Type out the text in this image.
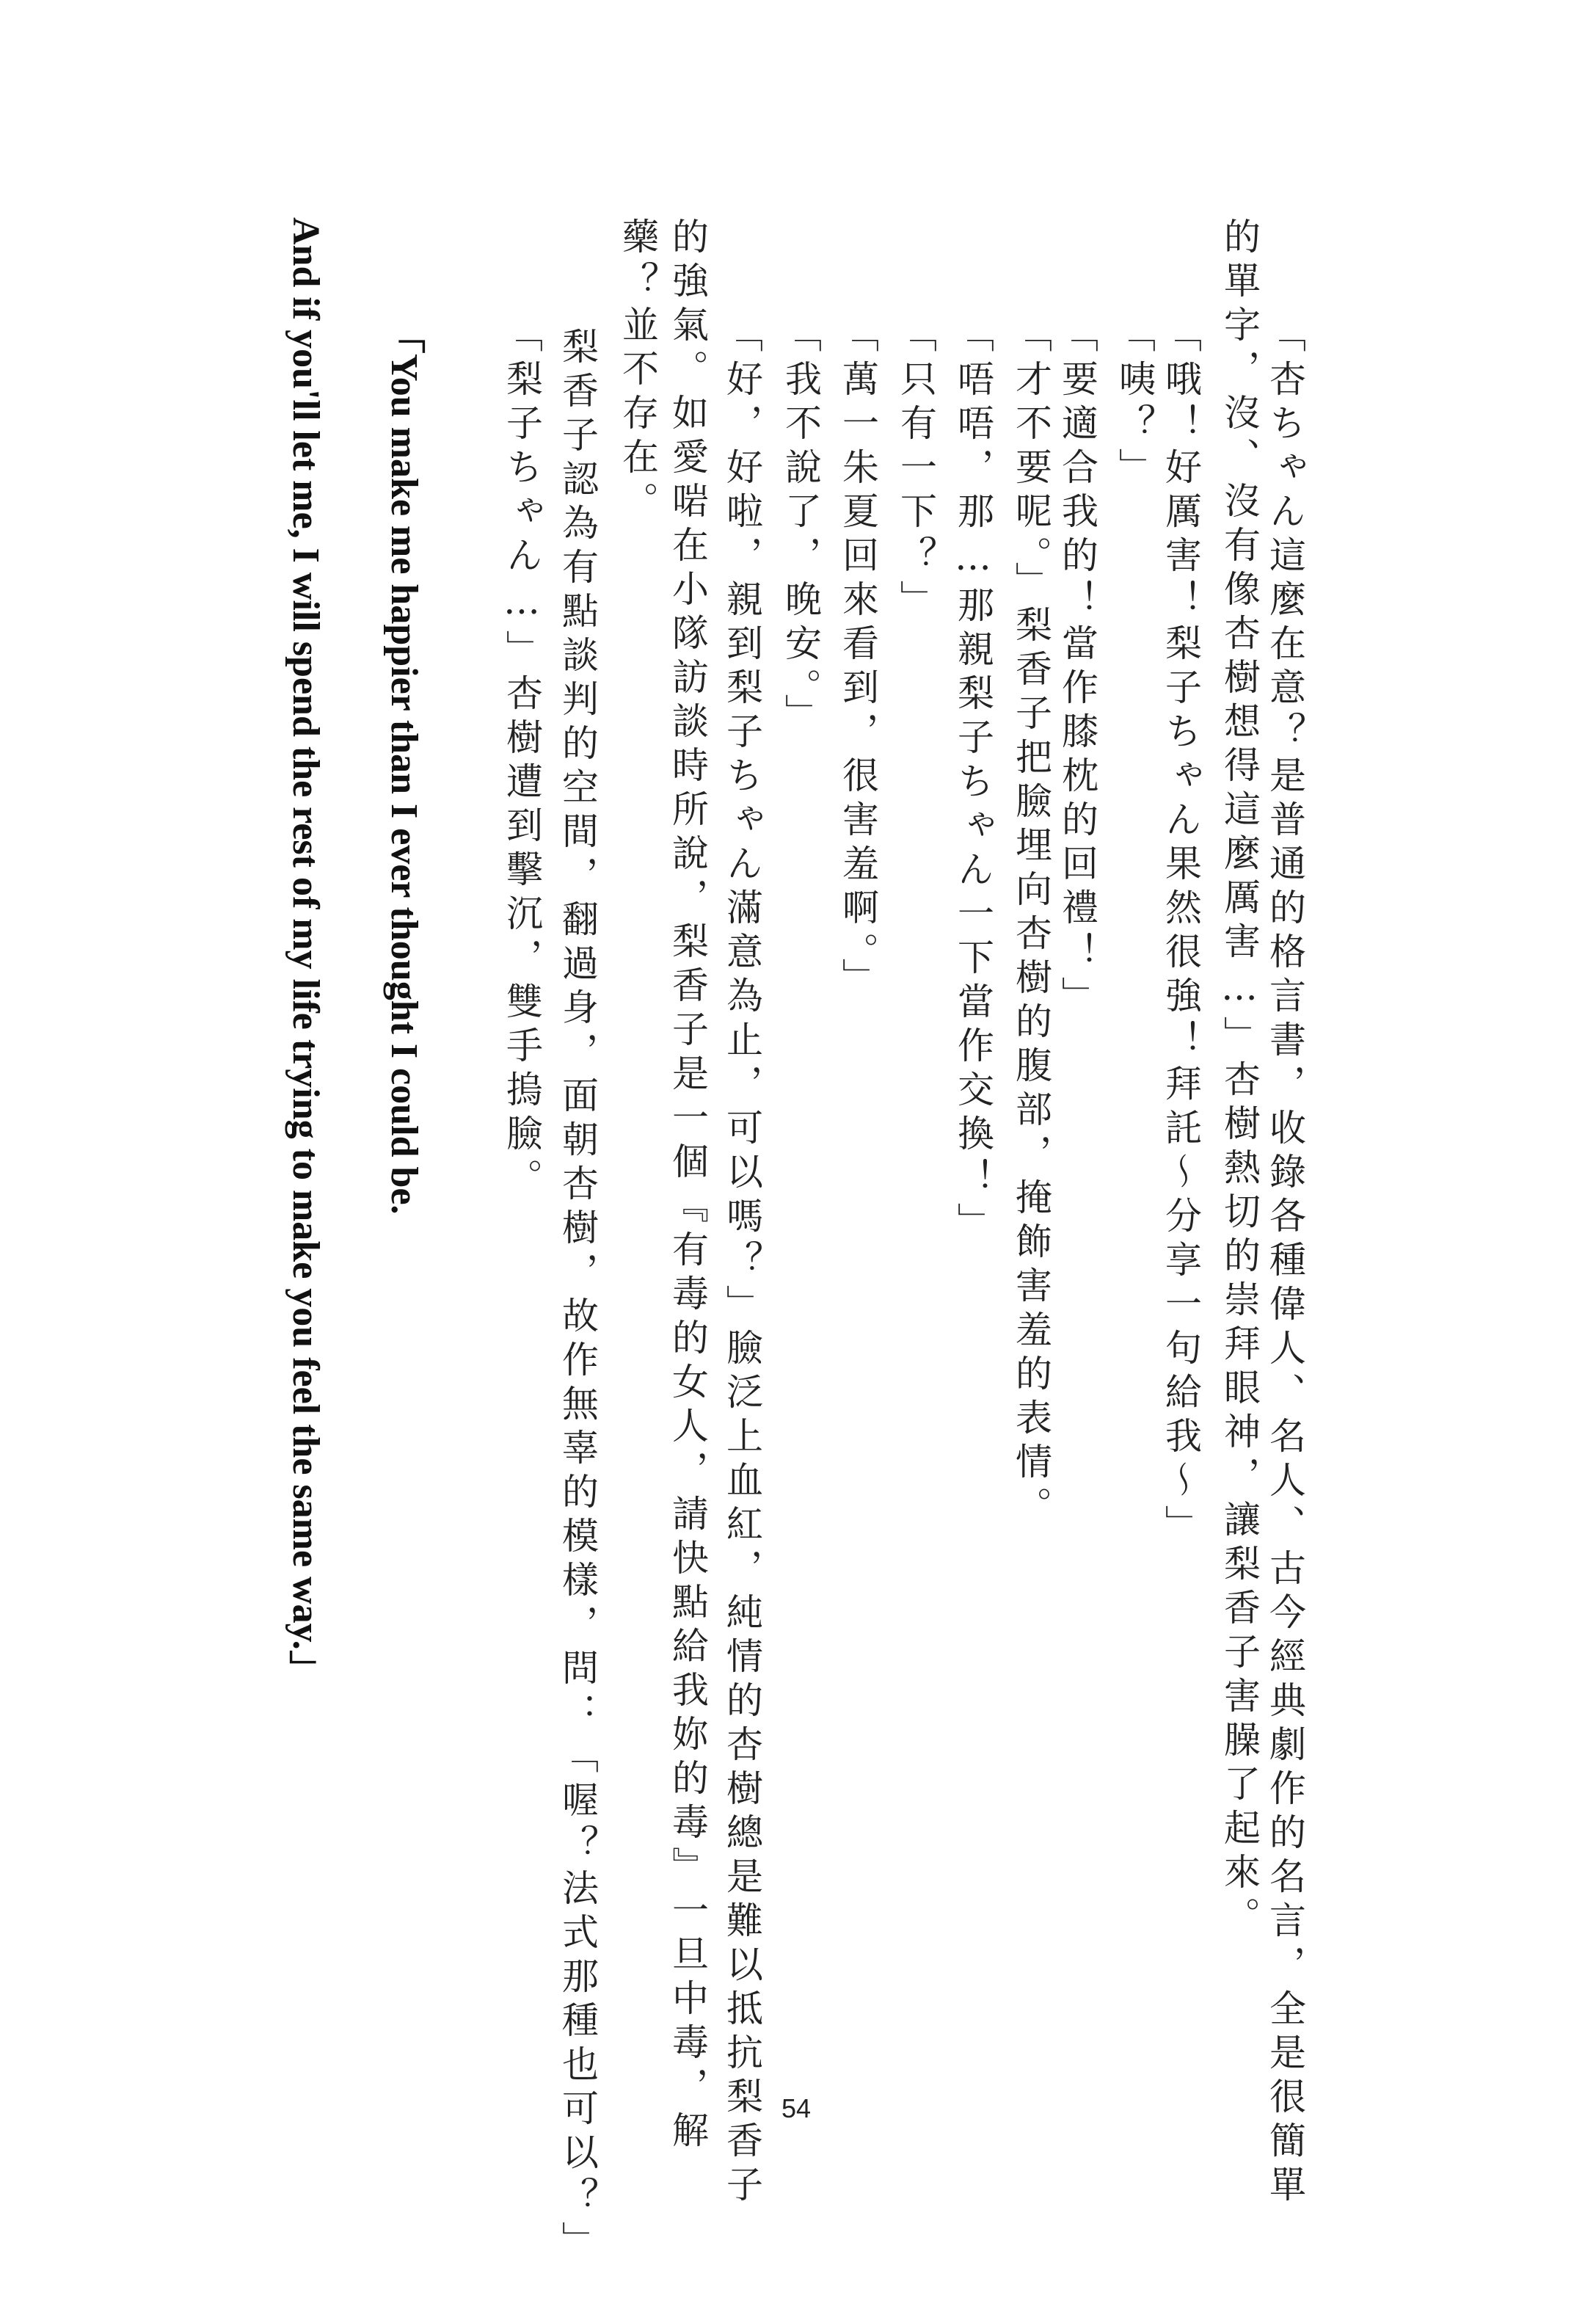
「杏ちゃん這麼在意？是普通的格言書，收錄各種偉人、名人、古今經典劇作的名言，全是很簡單

的單字，沒、沒有像杏樹想得這麼厲害…」杏樹熱切的崇拜眼神，讓梨香子害臊了起來。

「哦！好厲害！梨子ちゃん果然很強！拜託～分享一句給我～」

「咦？」

「要適合我的！當作膝枕的回禮！」

「才不要呢。」梨香子把臉埋向杏樹的腹部，掩飾害羞的表情。

「唔唔，那…那親梨子ちゃん一下當作交換！」

「只有一下？」

「萬一朱夏回來看到，很害羞啊。」

「我不說了，晚安。」

「好，好啦，親到梨子ちゃん滿意為止，可以嗎？」臉泛上血紅，純情的杏樹總是難以抵抗梨香子

的強氣。如愛啱在小隊訪談時所說，梨香子是一個『有毒的女人，請快點給我妳的毒』一旦中毒，解

藥？並不存在。

　梨香子認為有點談判的空間，翻過身，面朝杏樹，故作無辜的模樣，問：「喔？法式那種也可以？」

「梨子ちゃん…」杏樹遭到擊沉，雙手摀臉。

「You make me happier than I ever thought I could be.

And if you'll let me, I will spend the rest of my life trying to make you feel the same way.」

54
